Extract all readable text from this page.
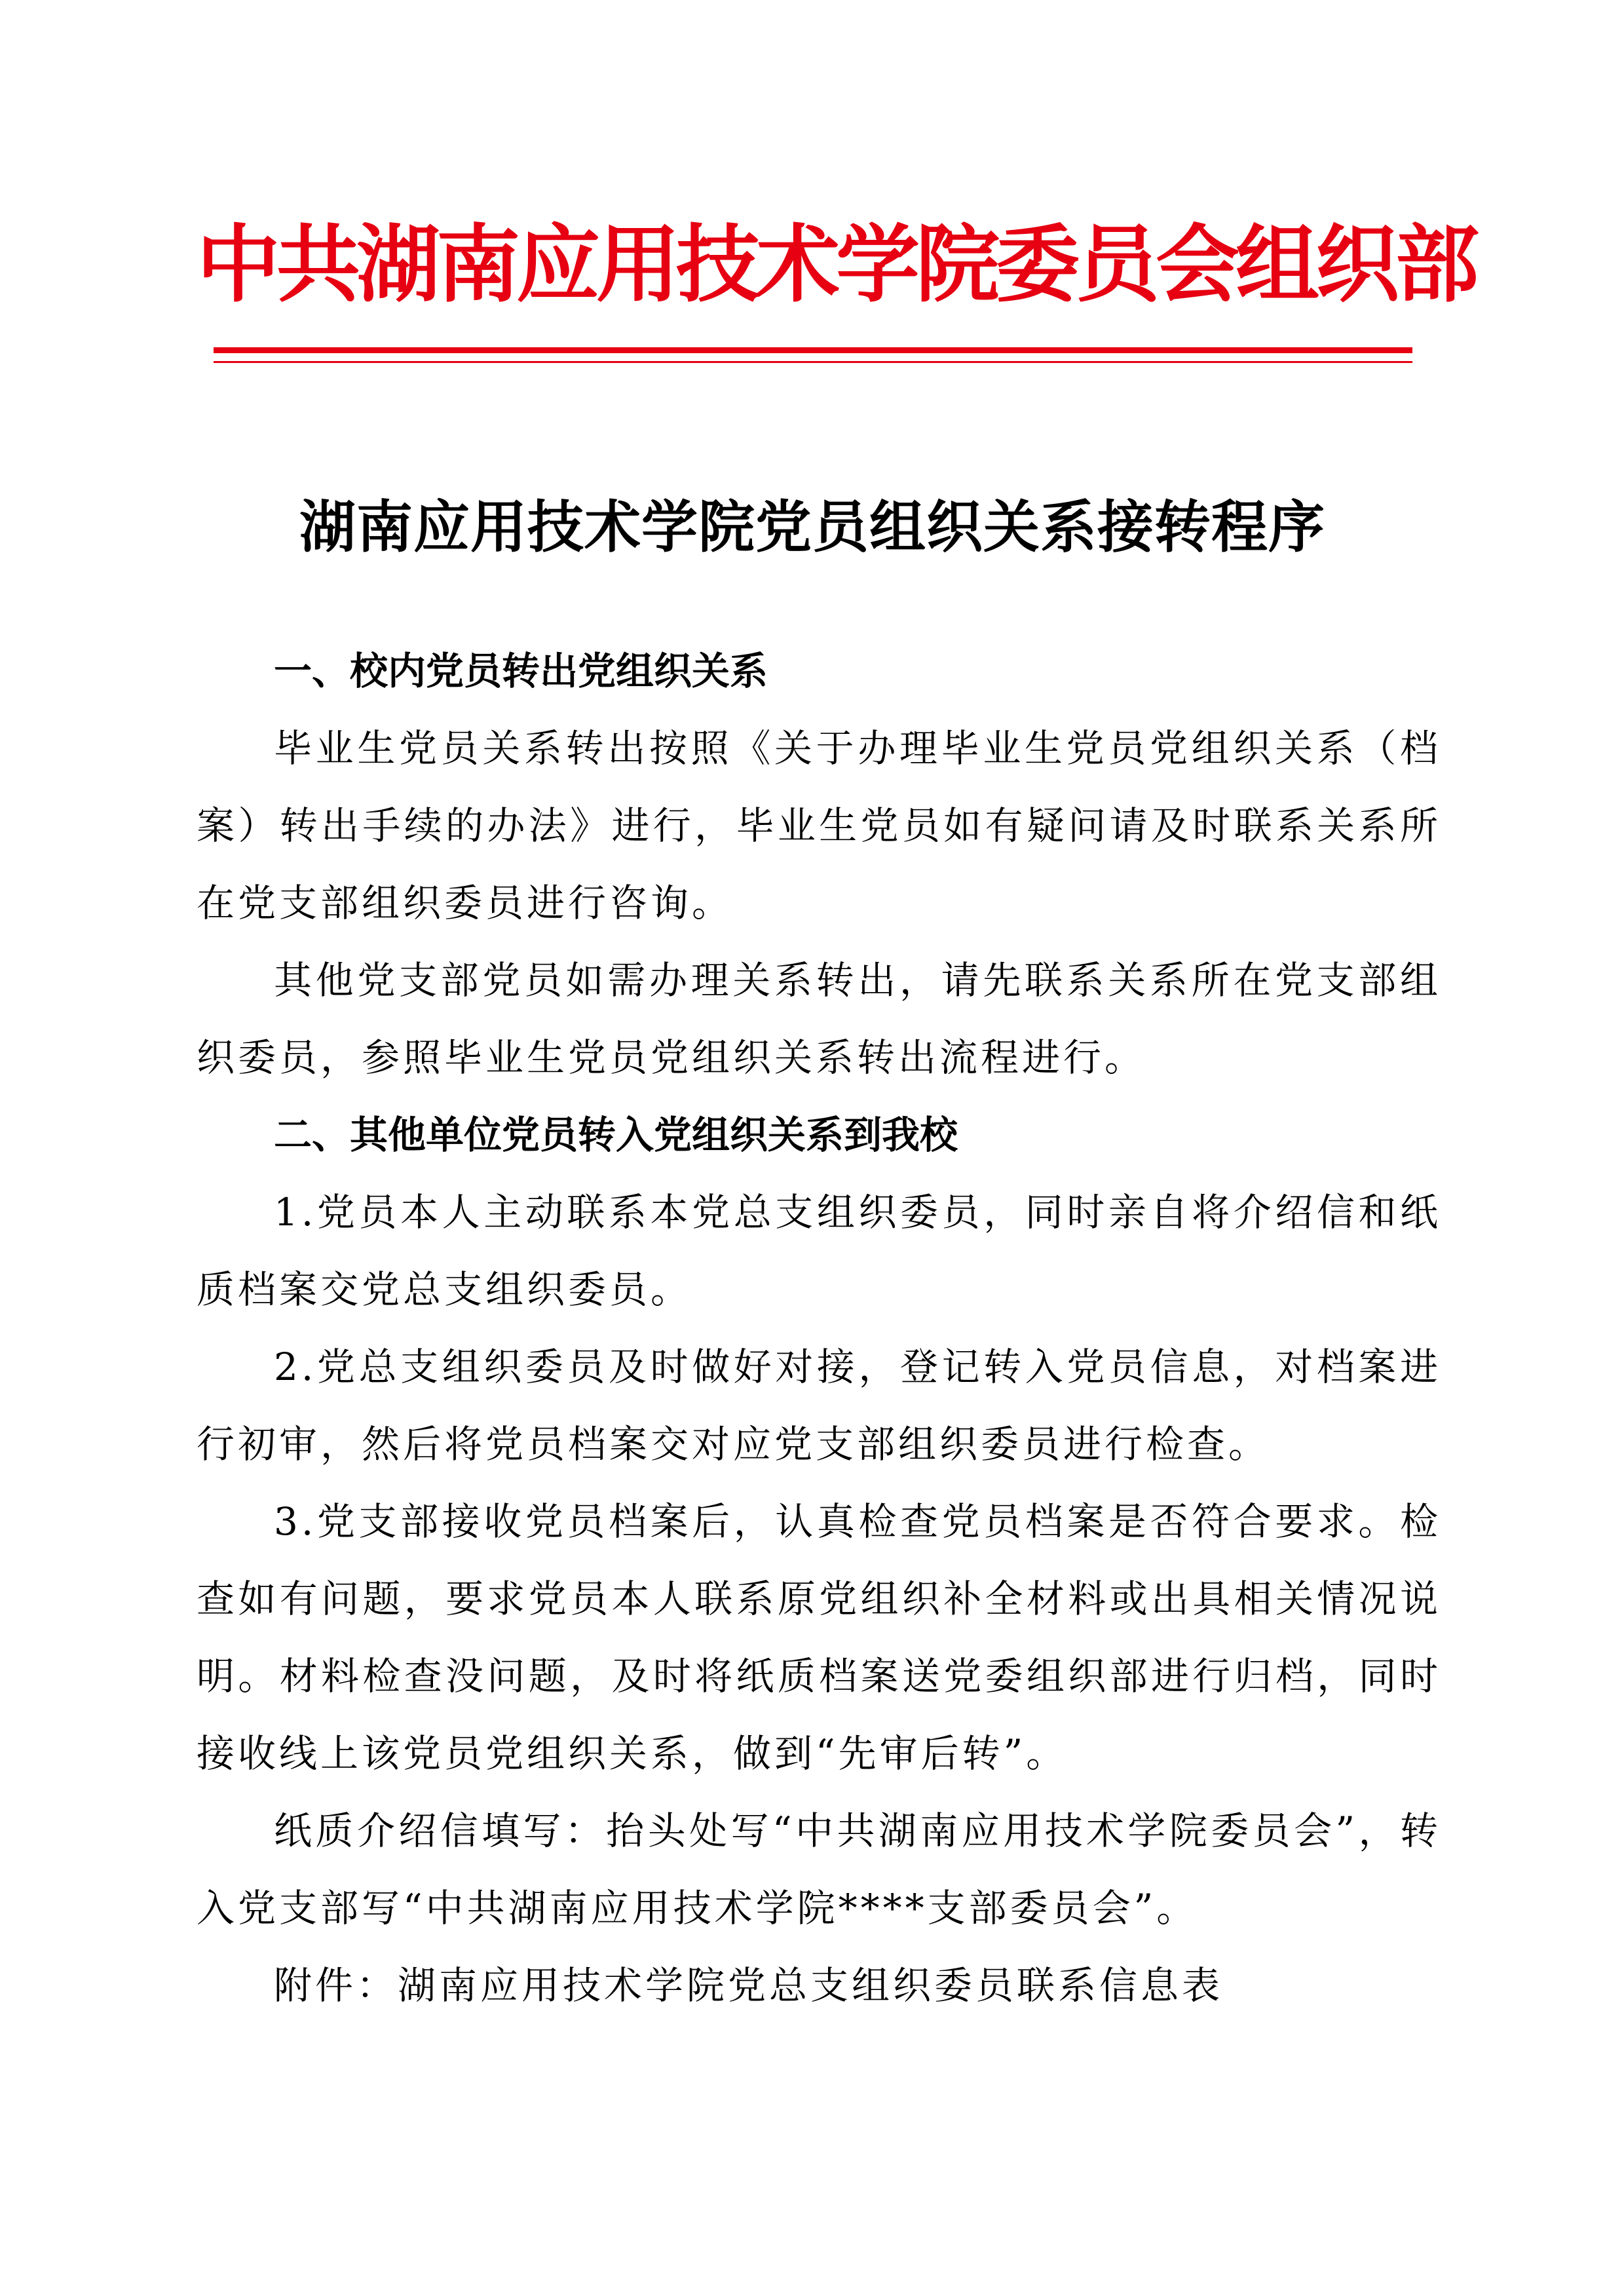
中共湖南应用技术学院委员会组织部
湖南应用技术学院党员组织关系接转程序

一、校内党员转出党组织关系

毕业生党员关系转出按照《关于办理毕业生党员党组织关系（档案）转出手续的办法》进行，毕业生党员如有疑问请及时联系关系所在党支部组织委员进行咨询。

其他党支部党员如需办理关系转出，请先联系关系所在党支部组织委员，参照毕业生党员党组织关系转出流程进行。

二、其他单位党员转入党组织关系到我校

1.党员本人主动联系本党总支组织委员，同时亲自将介绍信和纸质档案交党总支组织委员。

2.党总支组织委员及时做好对接，登记转入党员信息，对档案进行初审，然后将党员档案交对应党支部组织委员进行检查。

3.党支部接收党员档案后，认真检查党员档案是否符合要求。检查如有问题，要求党员本人联系原党组织补全材料或出具相关情况说明。材料检查没问题，及时将纸质档案送党委组织部进行归档，同时接收线上该党员党组织关系，做到“先审后转”。

纸质介绍信填写：抬头处写“中共湖南应用技术学院委员会”，转入党支部写“中共湖南应用技术学院****支部委员会”。

附件：湖南应用技术学院党总支组织委员联系信息表
